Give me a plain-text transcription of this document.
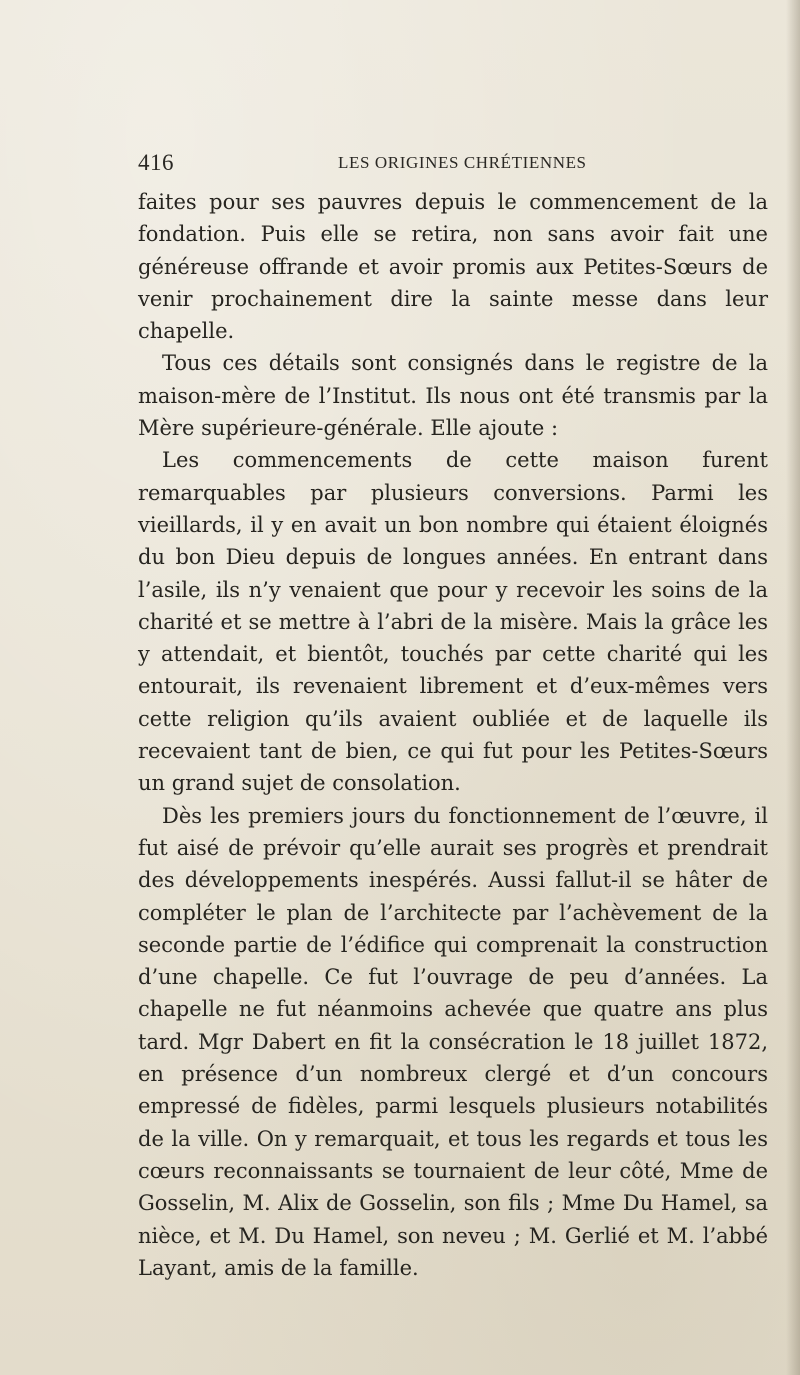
416	LES ORIGINES CHRÉTIENNES

faites pour ses pauvres depuis le commencement de la fondation. Puis elle se retira, non sans avoir fait une généreuse offrande et avoir promis aux Petites-Sœurs de venir prochainement dire la sainte messe dans leur chapelle.

Tous ces détails sont consignés dans le registre de la maison-mère de l’Institut. Ils nous ont été transmis par la Mère supérieure-générale. Elle ajoute :

Les commencements de cette maison furent remarquables par plusieurs conversions. Parmi les vieillards, il y en avait un bon nombre qui étaient éloignés du bon Dieu depuis de longues années. En entrant dans l’asile, ils n’y venaient que pour y recevoir les soins de la charité et se mettre à l’abri de la misère. Mais la grâce les y attendait, et bientôt, touchés par cette charité qui les entourait, ils revenaient librement et d’eux-mêmes vers cette religion qu’ils avaient oubliée et de laquelle ils recevaient tant de bien, ce qui fut pour les Petites-Sœurs un grand sujet de consolation.

Dès les premiers jours du fonctionnement de l’œuvre, il fut aisé de prévoir qu’elle aurait ses progrès et prendrait des développements inespérés. Aussi fallut-il se hâter de compléter le plan de l’architecte par l’achèvement de la seconde partie de l’édifice qui comprenait la construction d’une chapelle. Ce fut l’ouvrage de peu d’années. La chapelle ne fut néanmoins achevée que quatre ans plus tard. Mgr Dabert en fit la consécration le 18 juillet 1872, en présence d’un nombreux clergé et d’un concours empressé de fidèles, parmi lesquels plusieurs notabilités de la ville. On y remarquait, et tous les regards et tous les cœurs reconnaissants se tournaient de leur côté, Mme de Gosselin, M. Alix de Gosselin, son fils ; Mme Du Hamel, sa nièce, et M. Du Hamel, son neveu ; M. Gerlié et M. l’abbé Layant, amis de la famille.
